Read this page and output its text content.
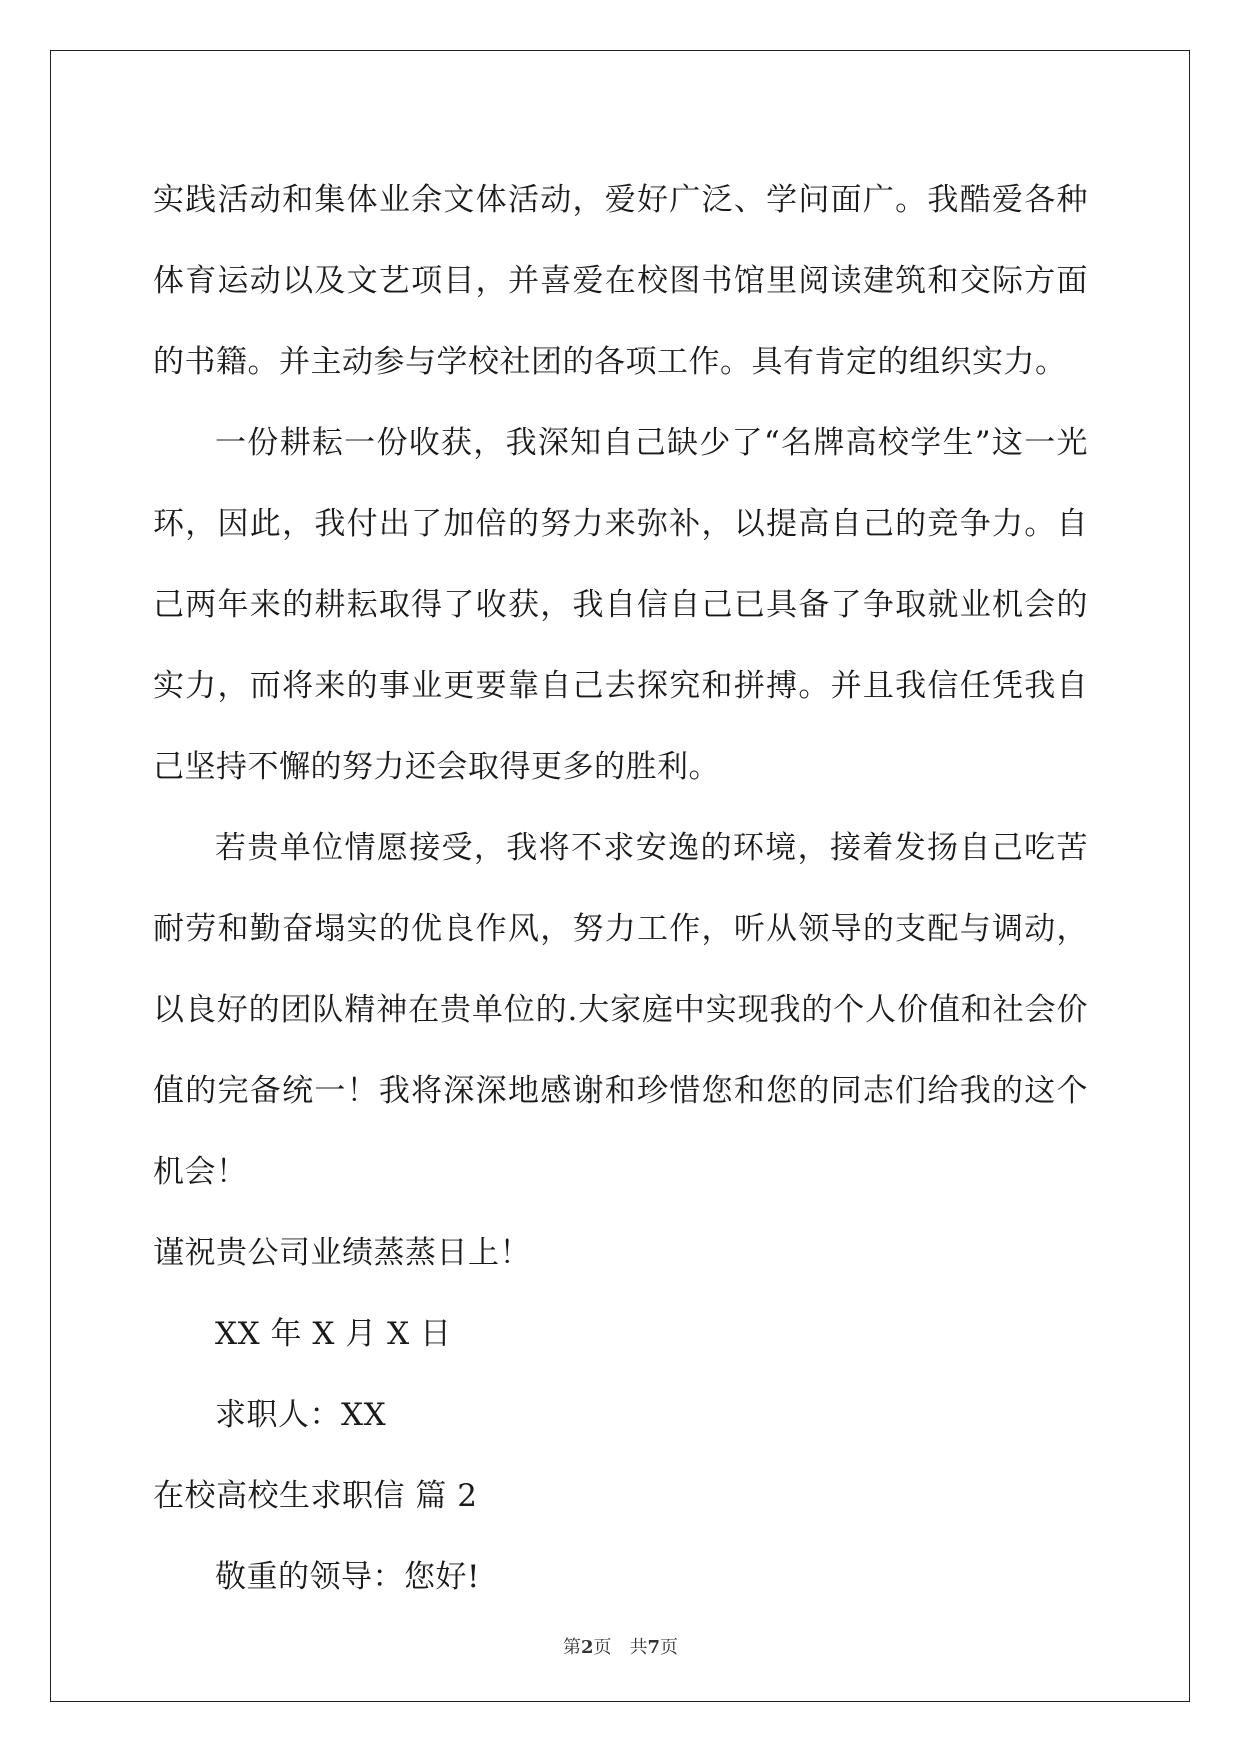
实践活动和集体业余文体活动，爱好广泛、学问面广。我酷爱各种体育运动以及文艺项目，并喜爱在校图书馆里阅读建筑和交际方面的书籍。并主动参与学校社团的各项工作。具有肯定的组织实力。

一份耕耘一份收获，我深知自己缺少了“名牌高校学生”这一光环，因此，我付出了加倍的努力来弥补，以提高自己的竞争力。自己两年来的耕耘取得了收获，我自信自己已具备了争取就业机会的实力，而将来的事业更要靠自己去探究和拼搏。并且我信任凭我自己坚持不懈的努力还会取得更多的胜利。

若贵单位情愿接受，我将不求安逸的环境，接着发扬自己吃苦耐劳和勤奋塌实的优良作风，努力工作，听从领导的支配与调动，以良好的团队精神在贵单位的.大家庭中实现我的个人价值和社会价值的完备统一！我将深深地感谢和珍惜您和您的同志们给我的这个机会！

谨祝贵公司业绩蒸蒸日上！

XX 年 X 月 X 日

求职人：XX

在校高校生求职信 篇 2

敬重的领导：您好!

第2页 共7页
